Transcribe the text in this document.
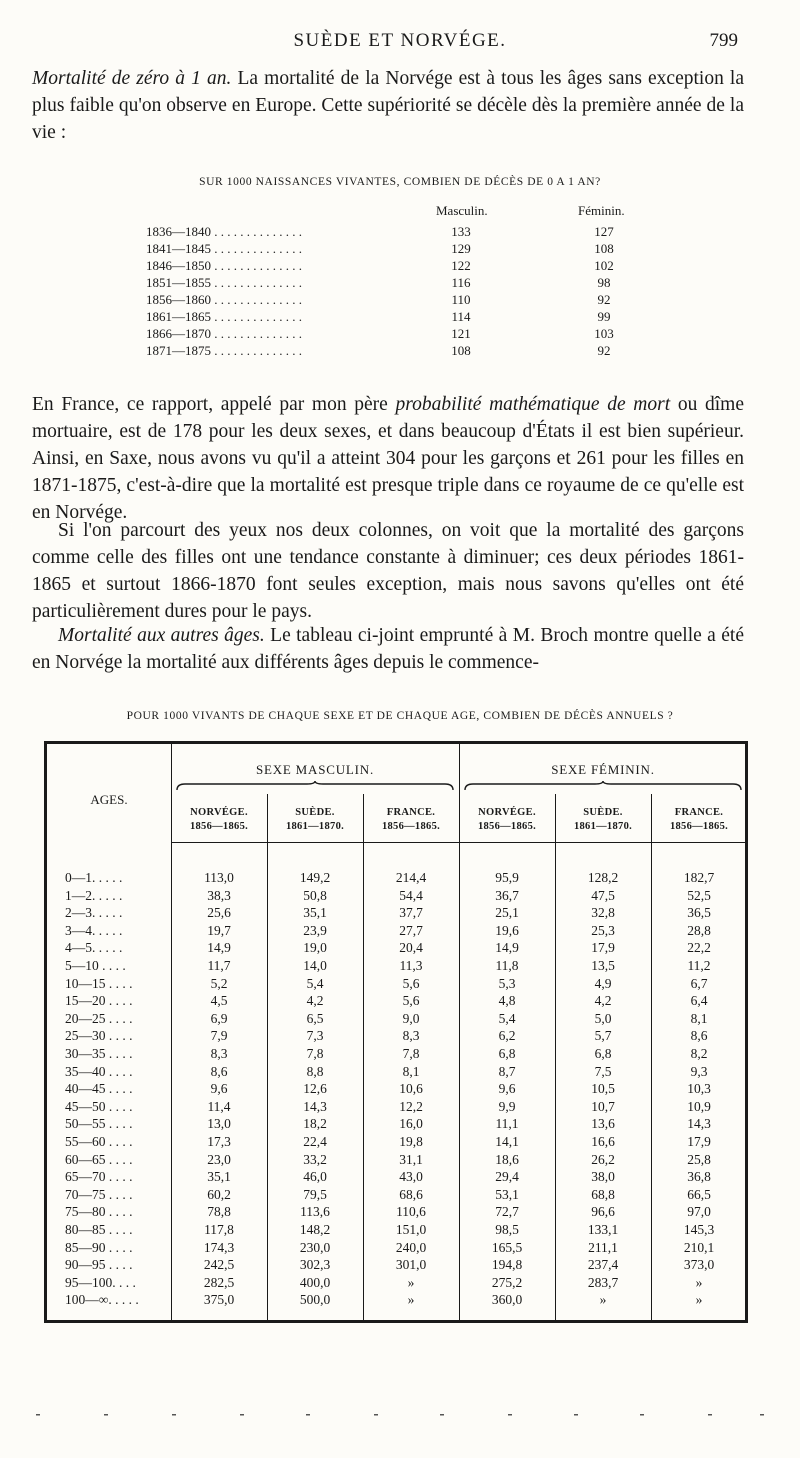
SUÈDE ET NORVÉGE.	799

Mortalité de zéro à 1 an. La mortalité de la Norvége est à tous les âges sans exception la plus faible qu'on observe en Europe. Cette supériorité se décèle dès la première année de la vie :

SUR 1000 NAISSANCES VIVANTES, COMBIEN DE DÉCÈS DE 0 A 1 AN?
Masculin.	Féminin.
1836—1840 . . . . . . . . . . . . . .	133	127
1841—1845 . . . . . . . . . . . . . .	129	108
1846—1850 . . . . . . . . . . . . . .	122	102
1851—1855 . . . . . . . . . . . . . .	116	98
1856—1860 . . . . . . . . . . . . . .	110	92
1861—1865 . . . . . . . . . . . . . .	114	99
1866—1870 . . . . . . . . . . . . . .	121	103
1871—1875 . . . . . . . . . . . . . .	108	92

En France, ce rapport, appelé par mon père probabilité mathématique de mort ou dîme mortuaire, est de 178 pour les deux sexes, et dans beaucoup d'États il est bien supérieur. Ainsi, en Saxe, nous avons vu qu'il a atteint 304 pour les garçons et 261 pour les filles en 1871-1875, c'est-à-dire que la mortalité est presque triple dans ce royaume de ce qu'elle est en Norvége.

Si l'on parcourt des yeux nos deux colonnes, on voit que la mortalité des garçons comme celle des filles ont une tendance constante à diminuer; ces deux périodes 1861-1865 et surtout 1866-1870 font seules exception, mais nous savons qu'elles ont été particulièrement dures pour le pays.

Mortalité aux autres âges. Le tableau ci-joint emprunté à M. Broch montre quelle a été en Norvége la mortalité aux différents âges depuis le commence-

POUR 1000 VIVANTS DE CHAQUE SEXE ET DE CHAQUE AGE, COMBIEN DE DÉCÈS ANNUELS ?
AGES.
SEXE MASCULIN.	SEXE FÉMININ.
NORVÉGE.
1856—1865.
SUÈDE.
1861—1870.
FRANCE.
1856—1865.
NORVÉGE.
1856—1865.
SUÈDE.
1861—1870.
FRANCE.
1856—1865.
0—1. . . . .	113,0	149,2	214,4	95,9	128,2	182,7
1—2. . . . .	38,3	50,8	54,4	36,7	47,5	52,5
2—3. . . . .	25,6	35,1	37,7	25,1	32,8	36,5
3—4. . . . .	19,7	23,9	27,7	19,6	25,3	28,8
4—5. . . . .	14,9	19,0	20,4	14,9	17,9	22,2
5—10 . . . .	11,7	14,0	11,3	11,8	13,5	11,2
10—15 . . . .	5,2	5,4	5,6	5,3	4,9	6,7
15—20 . . . .	4,5	4,2	5,6	4,8	4,2	6,4
20—25 . . . .	6,9	6,5	9,0	5,4	5,0	8,1
25—30 . . . .	7,9	7,3	8,3	6,2	5,7	8,6
30—35 . . . .	8,3	7,8	7,8	6,8	6,8	8,2
35—40 . . . .	8,6	8,8	8,1	8,7	7,5	9,3
40—45 . . . .	9,6	12,6	10,6	9,6	10,5	10,3
45—50 . . . .	11,4	14,3	12,2	9,9	10,7	10,9
50—55 . . . .	13,0	18,2	16,0	11,1	13,6	14,3
55—60 . . . .	17,3	22,4	19,8	14,1	16,6	17,9
60—65 . . . .	23,0	33,2	31,1	18,6	26,2	25,8
65—70 . . . .	35,1	46,0	43,0	29,4	38,0	36,8
70—75 . . . .	60,2	79,5	68,6	53,1	68,8	66,5
75—80 . . . .	78,8	113,6	110,6	72,7	96,6	97,0
80—85 . . . .	117,8	148,2	151,0	98,5	133,1	145,3
85—90 . . . .	174,3	230,0	240,0	165,5	211,1	210,1
90—95 . . . .	242,5	302,3	301,0	194,8	237,4	373,0
95—100. . . .	282,5	400,0	»	275,2	283,7	»
100—∞. . . . .	375,0	500,0	»	360,0	»	»
